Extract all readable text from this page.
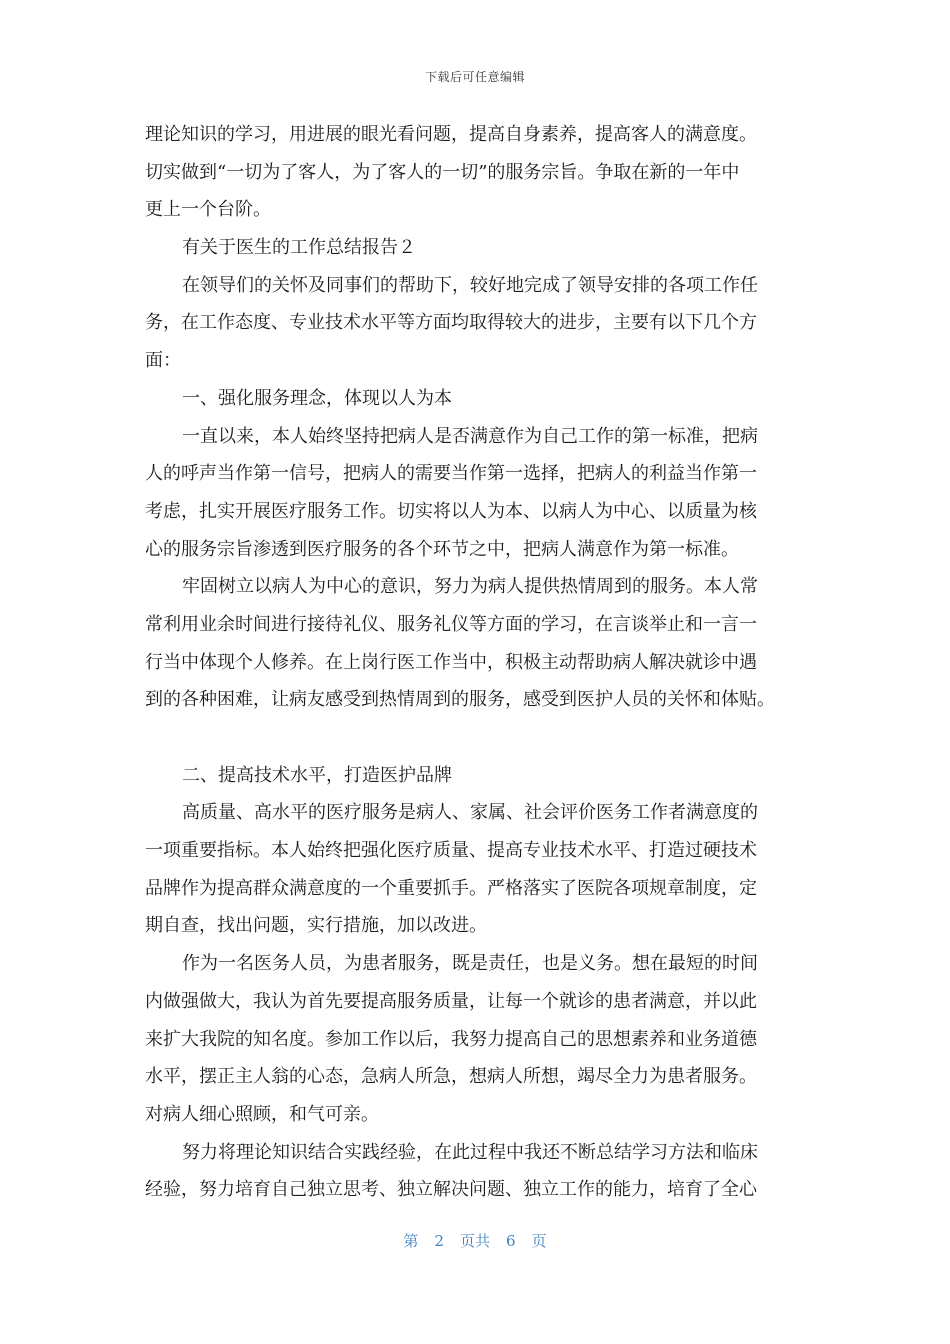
下载后可任意编辑
理论知识的学习，用进展的眼光看问题，提高自身素养，提高客人的满意度。
切实做到“一切为了客人，为了客人的一切”的服务宗旨。争取在新的一年中
更上一个台阶。
有关于医生的工作总结报告２
在领导们的关怀及同事们的帮助下，较好地完成了领导安排的各项工作任
务，在工作态度、专业技术水平等方面均取得较大的进步，主要有以下几个方
面：
一、强化服务理念，体现以人为本
一直以来，本人始终坚持把病人是否满意作为自己工作的第一标准，把病
人的呼声当作第一信号，把病人的需要当作第一选择，把病人的利益当作第一
考虑，扎实开展医疗服务工作。切实将以人为本、以病人为中心、以质量为核
心的服务宗旨渗透到医疗服务的各个环节之中，把病人满意作为第一标准。
牢固树立以病人为中心的意识，努力为病人提供热情周到的服务。本人常
常利用业余时间进行接待礼仪、服务礼仪等方面的学习，在言谈举止和一言一
行当中体现个人修养。在上岗行医工作当中，积极主动帮助病人解决就诊中遇
到的各种困难，让病友感受到热情周到的服务，感受到医护人员的关怀和体贴。
二、提高技术水平，打造医护品牌
高质量、高水平的医疗服务是病人、家属、社会评价医务工作者满意度的
一项重要指标。本人始终把强化医疗质量、提高专业技术水平、打造过硬技术
品牌作为提高群众满意度的一个重要抓手。严格落实了医院各项规章制度，定
期自查，找出问题，实行措施，加以改进。
作为一名医务人员，为患者服务，既是责任，也是义务。想在最短的时间
内做强做大，我认为首先要提高服务质量，让每一个就诊的患者满意，并以此
来扩大我院的知名度。参加工作以后，我努力提高自己的思想素养和业务道德
水平，摆正主人翁的心态，急病人所急，想病人所想，竭尽全力为患者服务。
对病人细心照顾，和气可亲。
努力将理论知识结合实践经验，在此过程中我还不断总结学习方法和临床
经验，努力培育自己独立思考、独立解决问题、独立工作的能力，培育了全心
第 2 页共 6 页
